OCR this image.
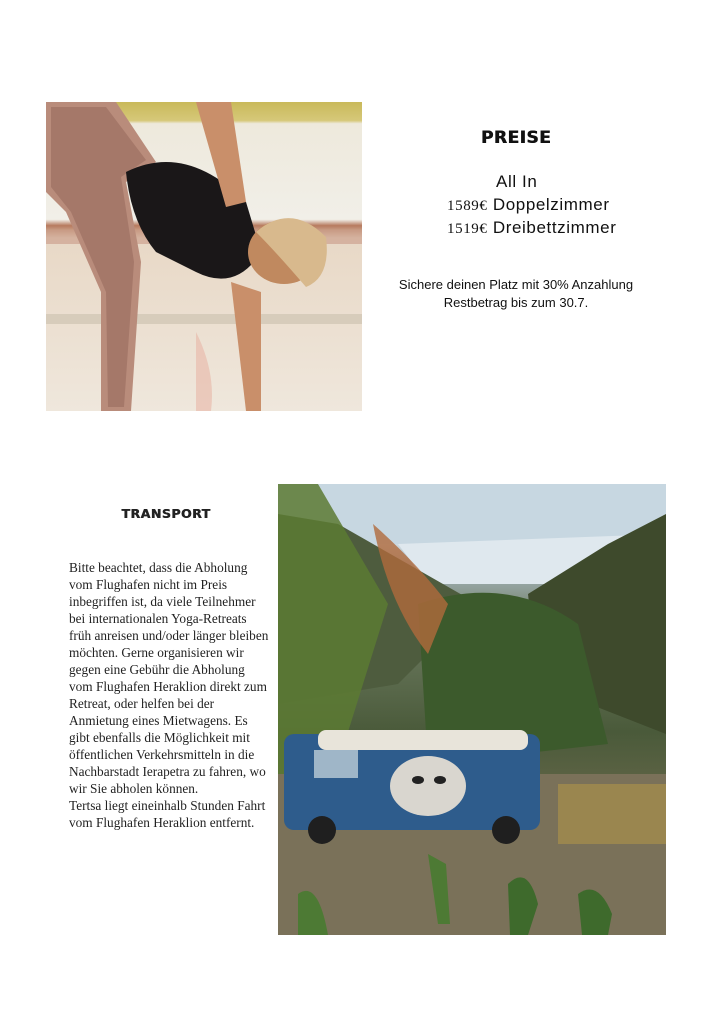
PREISE
All In
1589€ Doppelzimmer
1519€ Dreibettzimmer
Sichere deinen Platz mit 30% Anzahlung
Restbetrag bis zum 30.7.
TRANSPORT

Bitte beachtet, dass die Abholung vom Flughafen nicht im Preis inbegriffen ist, da viele Teilnehmer bei internationalen Yoga-Retreats früh anreisen und/oder länger bleiben möchten. Gerne organisieren wir gegen eine Gebühr die Abholung vom Flughafen Heraklion direkt zum Retreat, oder helfen bei der Anmietung eines Mietwagens. Es gibt ebenfalls die Möglichkeit mit öffentlichen Verkehrsmitteln in die Nachbarstadt Ierapetra zu fahren, wo wir Sie abholen können.

Tertsa liegt eineinhalb Stunden Fahrt vom Flughafen Heraklion entfernt.
